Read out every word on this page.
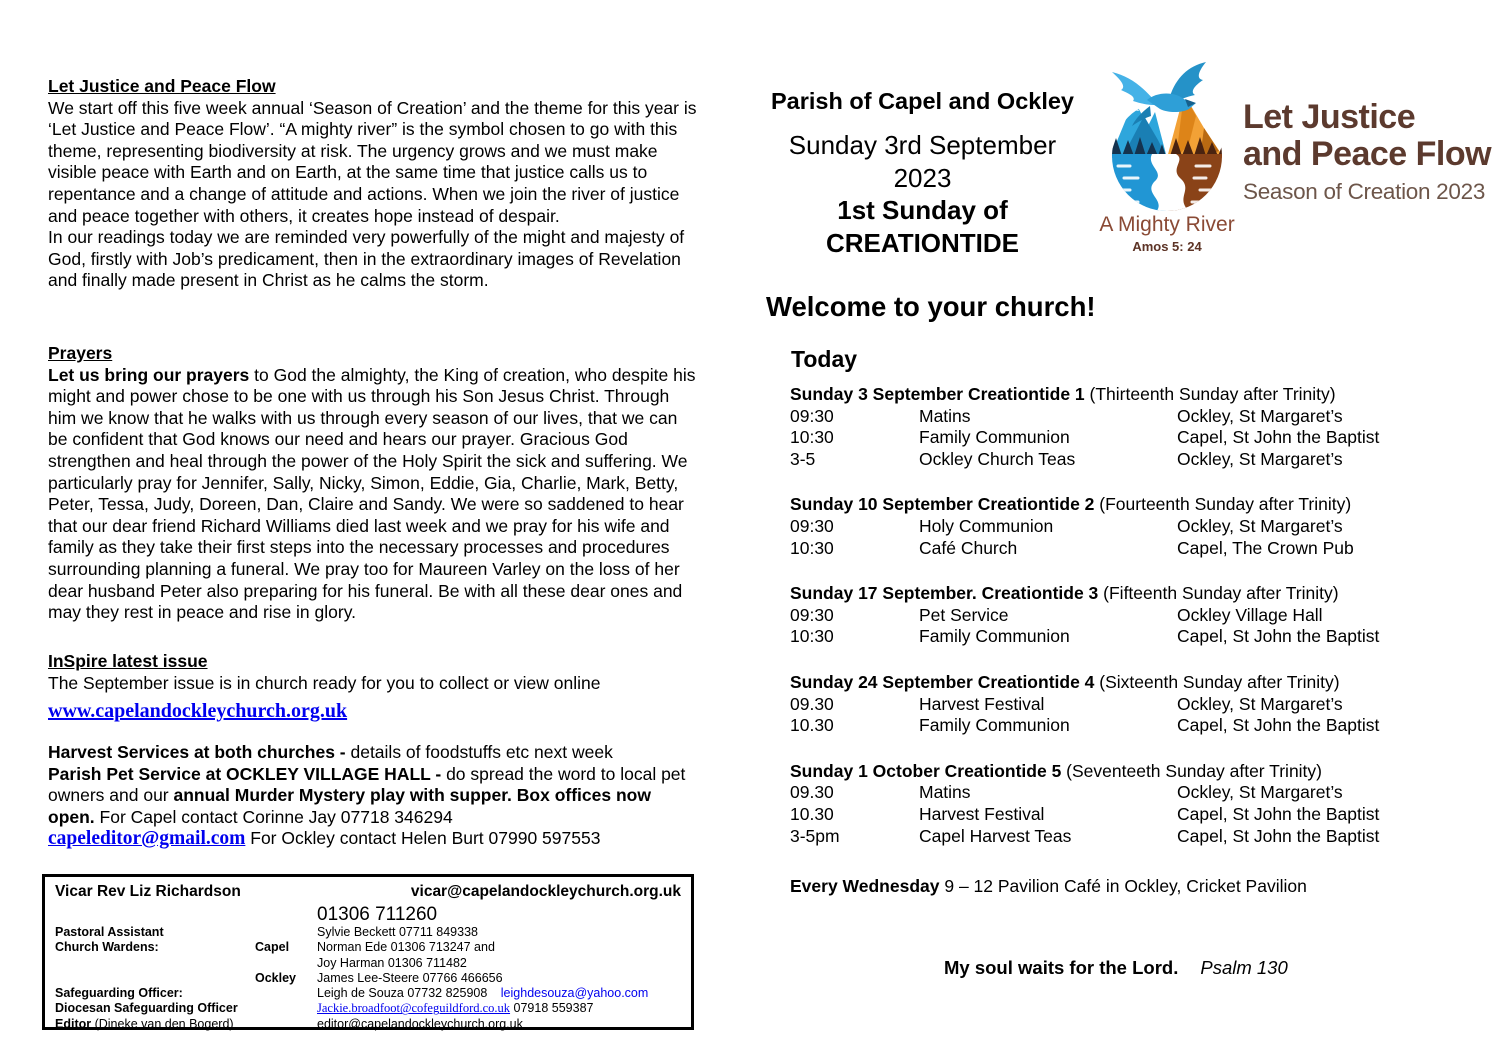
Let Justice and Peace Flow

We start off this five week annual ‘Season of Creation’ and the theme for this year is ‘Let Justice and Peace Flow’. “A mighty river” is the symbol chosen to go with this theme, representing biodiversity at risk. The urgency grows and we must make visible peace with Earth and on Earth, at the same time that justice calls us to repentance and a change of attitude and actions. When we join the river of justice and peace together with others, it creates hope instead of despair.

In our readings today we are reminded very powerfully of the might and majesty of God, firstly with Job’s predicament, then in the extraordinary images of Revelation and finally made present in Christ as he calms the storm.

Prayers

Let us bring our prayers to God the almighty, the King of creation, who despite his might and power chose to be one with us through his Son Jesus Christ. Through him we know that he walks with us through every season of our lives, that we can be confident that God knows our need and hears our prayer. Gracious God strengthen and heal through the power of the Holy Spirit the sick and suffering. We particularly pray for Jennifer, Sally, Nicky, Simon, Eddie, Gia, Charlie, Mark, Betty, Peter, Tessa, Judy, Doreen, Dan, Claire and Sandy. We were so saddened to hear that our dear friend Richard Williams died last week and we pray for his wife and family as they take their first steps into the necessary processes and procedures surrounding planning a funeral. We pray too for Maureen Varley on the loss of her dear husband Peter also preparing for his funeral. Be with all these dear ones and may they rest in peace and rise in glory.

InSpire latest issue

The September issue is in church ready for you to collect or view online

www.capelandockleychurch.org.uk

Harvest Services at both churches - details of foodstuffs etc next week
Parish Pet Service at OCKLEY VILLAGE HALL - do spread the word to local pet owners and our annual Murder Mystery play with supper. Box offices now open. For Capel contact Corinne Jay 07718 346294
capeleditor@gmail.com For Ockley contact Helen Burt 07990 597553

Vicar Rev Liz Richardson	vicar@capelandockleychurch.org.uk
01306 711260
Pastoral Assistant	Sylvie Beckett 07711 849338
Church Wardens:	Capel	Norman Ede 01306 713247 and
Joy Harman 01306 711482
Ockley	James Lee-Steere 07766 466656
Safeguarding Officer:	Leigh de Souza 07732 825908 leighdesouza@yahoo.com
Diocesan Safeguarding Officer	Jackie.broadfoot@cofeguildford.co.uk 07918 559387
Editor (Dineke van den Bogerd)	editor@capelandockleychurch.org.uk
Parish of Capel and Ockley
Sunday 3rd September
2023
1st Sunday of
CREATIONTIDE
A Mighty River
Amos 5: 24
Let Justice
and Peace Flow
Season of Creation 2023
Welcome to your church!
Today
Sunday 3 September Creationtide 1 (Thirteenth Sunday after Trinity)
09:30	Matins	Ockley, St Margaret’s
10:30	Family Communion	Capel, St John the Baptist
3-5	Ockley Church Teas	Ockley, St Margaret’s
Sunday 10 September Creationtide 2 (Fourteenth Sunday after Trinity)
09:30	Holy Communion	Ockley, St Margaret’s
10:30	Café Church	Capel, The Crown Pub
Sunday 17 September. Creationtide 3 (Fifteenth Sunday after Trinity)
09:30	Pet Service	Ockley Village Hall
10:30	Family Communion	Capel, St John the Baptist
Sunday 24 September Creationtide 4 (Sixteenth Sunday after Trinity)
09.30	Harvest Festival	Ockley, St Margaret’s
10.30	Family Communion	Capel, St John the Baptist
Sunday 1 October Creationtide 5 (Seventeeth Sunday after Trinity)
09.30	Matins	Ockley, St Margaret’s
10.30	Harvest Festival	Capel, St John the Baptist
3-5pm	Capel Harvest Teas	Capel, St John the Baptist
Every Wednesday 9 – 12 Pavilion Café in Ockley, Cricket Pavilion
My soul waits for the Lord. Psalm 130
